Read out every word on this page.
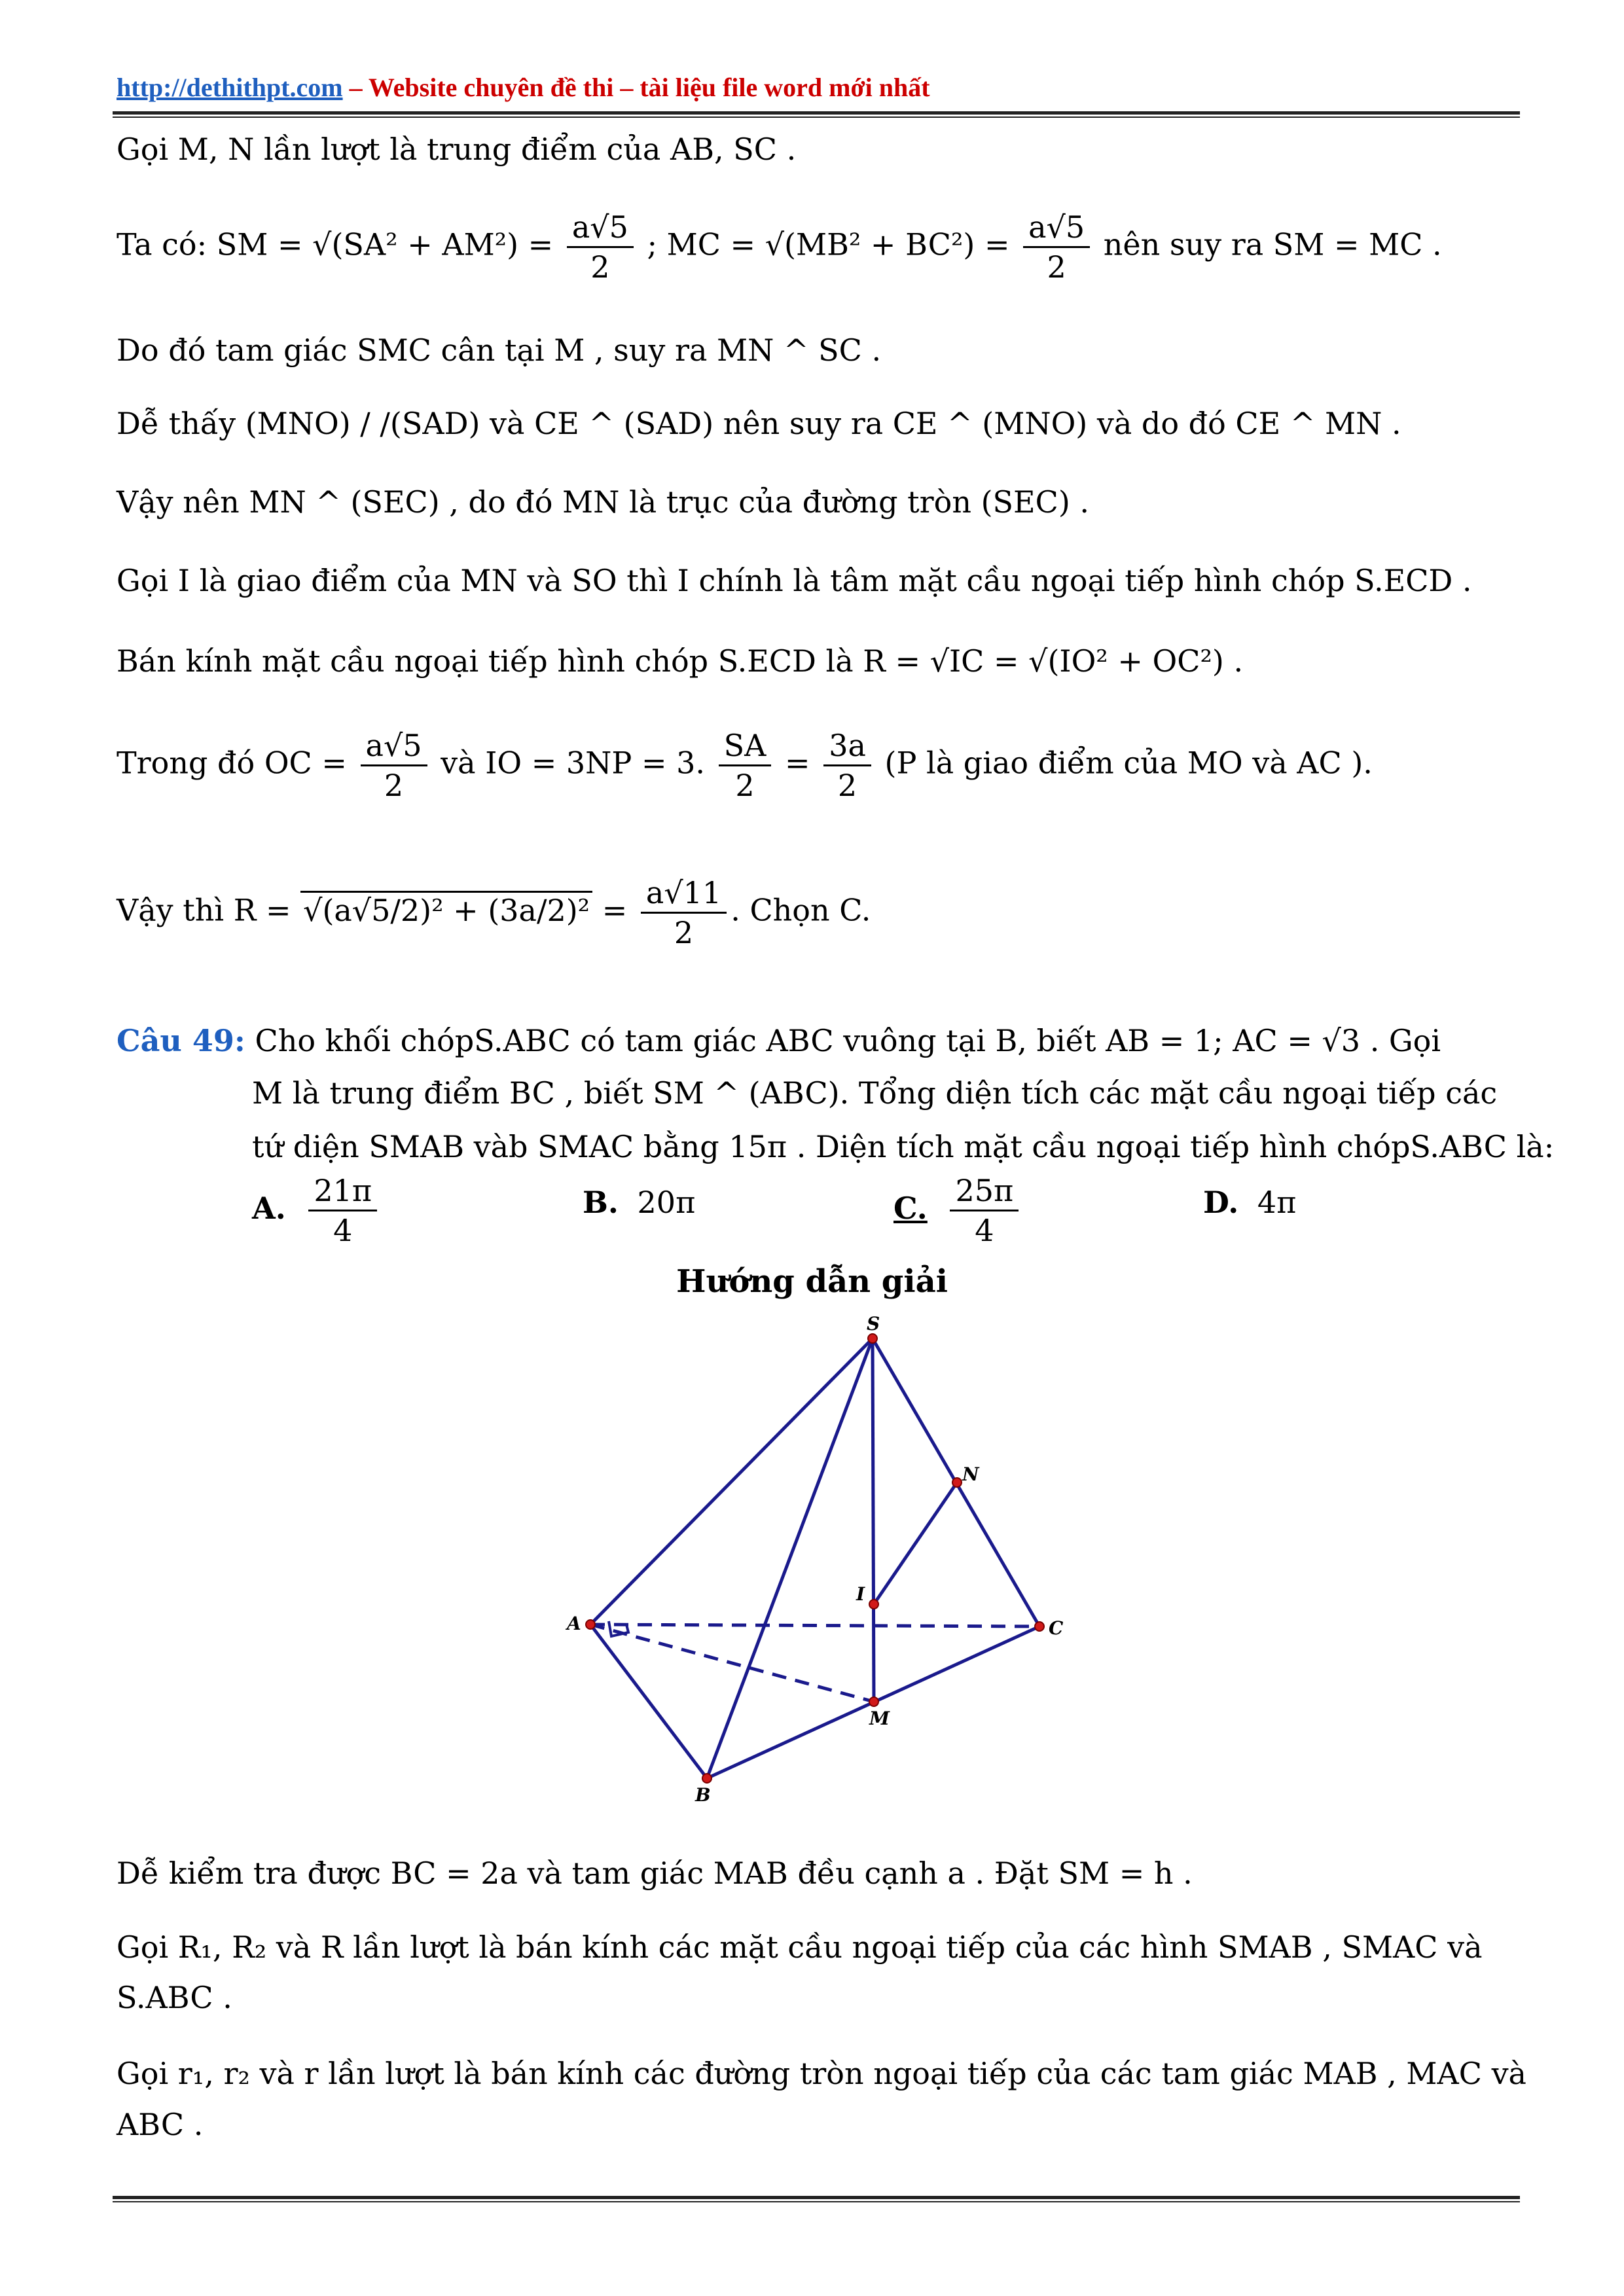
http://dethithpt.com – Website chuyên đề thi – tài liệu file word mới nhất
Gọi M, N lần lượt là trung điểm của AB, SC .
Ta có: SM = $√(SA^2 + AM^2) = \frac{a√5}{2}$ ; MC = $√(MB^2 + BC^2) = \frac{a√5}{2}$ nên suy ra SM = MC .
Do đó tam giác SMC cân tại M , suy ra MN ^ SC .
Dễ thấy (MNO) / /(SAD) và CE ^ (SAD) nên suy ra CE ^ (MNO) và do đó CE ^ MN .
Vậy nên MN ^ (SEC) , do đó MN là trục của đường tròn (SEC) .
Gọi I là giao điểm của MN và SO thì I chính là tâm mặt cầu ngoại tiếp hình chóp S.ECD .
Bán kính mặt cầu ngoại tiếp hình chóp S.ECD là R = √IC = √(IO² + OC²) .
Trong đó OC = $\frac{a√5}{2}$ và IO = 3NP = 3. $\frac{SA}{2} = \frac{3a}{2} (P$ là giao điểm của MO và AC ).
Vậy thì $R = √(a√5/2)^2 + (3a/2)^2 = \frac{a√11}{2}$ . Chọn C.
Câu 49: Cho khối chópS.ABC có tam giác ABC vuông tại B, biết AB = 1; AC = √3 . Gọi
M là trung điểm BC , biết SM ^ (ABC). Tổng diện tích các mặt cầu ngoại tiếp các
tứ diện SMAB vàb SMAC bằng 15π . Diện tích mặt cầu ngoại tiếp hình chópS.ABC là:
A. $\frac{21\pi}{4}$	B. 20π	C. $\frac{25\pi}{4}$	D. 4π
Hướng dẫn giải
S
N
I
A	C
M
B
Dễ kiểm tra được BC = 2a và tam giác MAB đều cạnh a . Đặt SM = h .
Gọi R₁, R₂ và R lần lượt là bán kính các mặt cầu ngoại tiếp của các hình SMAB , SMAC và
S.ABC .
Gọi r₁, r₂ và r lần lượt là bán kính các đường tròn ngoại tiếp của các tam giác MAB , MAC và
ABC .
